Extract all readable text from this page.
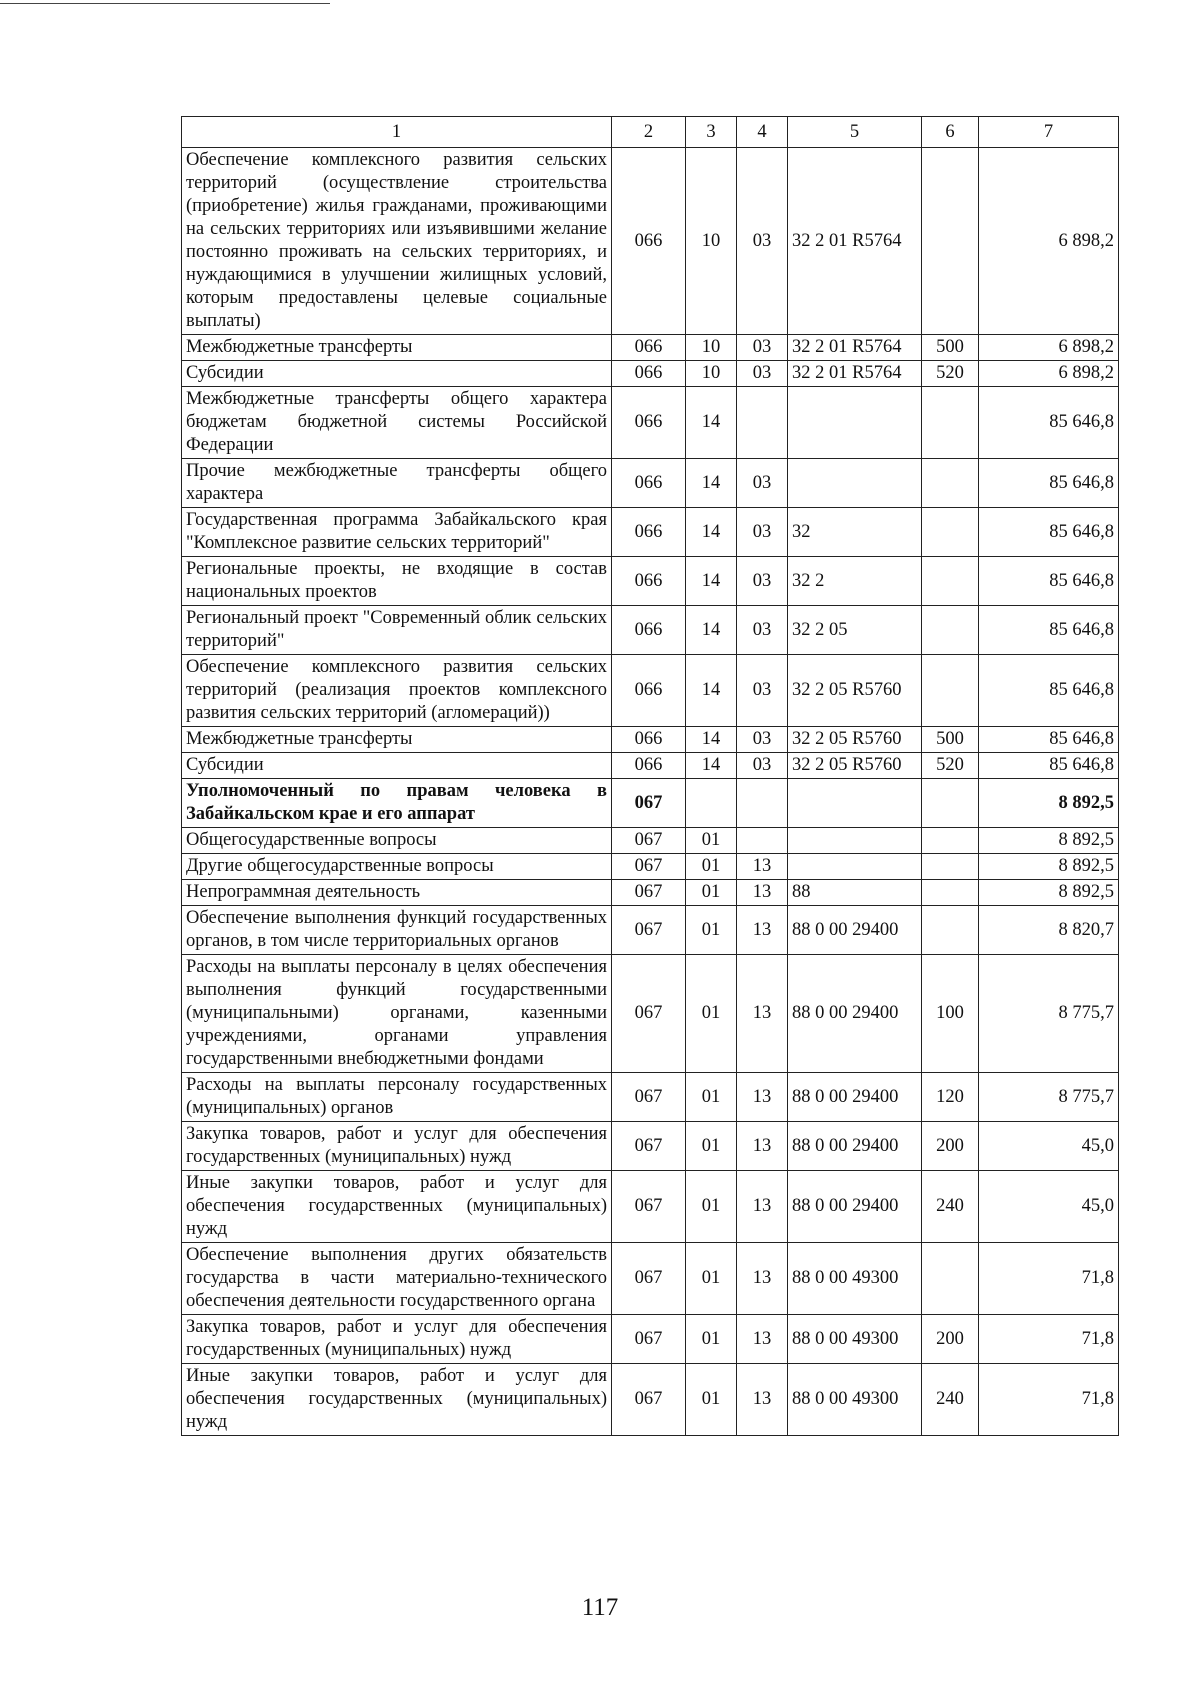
1	2	3	4	5	6	7
Обеспечение комплексного развития сельских территорий (осуществление строительства (приобретение) жилья гражданами, проживающими на сельских территориях или изъявившими желание постоянно проживать на сельских территориях, и нуждающимися в улучшении жилищных условий, которым предоставлены целевые социальные выплаты)	066	10	03	32 2 01 R5764		6 898,2
Межбюджетные трансферты	066	10	03	32 2 01 R5764	500	6 898,2
Субсидии	066	10	03	32 2 01 R5764	520	6 898,2
Межбюджетные трансферты общего характера бюджетам бюджетной системы Российской Федерации	066	14				85 646,8
Прочие межбюджетные трансферты общего характера	066	14	03			85 646,8
Государственная программа Забайкальского края "Комплексное развитие сельских территорий"	066	14	03	32		85 646,8
Региональные проекты, не входящие в состав национальных проектов	066	14	03	32 2		85 646,8
Региональный проект "Современный облик сельских территорий"	066	14	03	32 2 05		85 646,8
Обеспечение комплексного развития сельских территорий (реализация проектов комплексного развития сельских территорий (агломераций))	066	14	03	32 2 05 R5760		85 646,8
Межбюджетные трансферты	066	14	03	32 2 05 R5760	500	85 646,8
Субсидии	066	14	03	32 2 05 R5760	520	85 646,8
Уполномоченный по правам человека в Забайкальском крае и его аппарат	067					8 892,5
Общегосударственные вопросы	067	01				8 892,5
Другие общегосударственные вопросы	067	01	13			8 892,5
Непрограммная деятельность	067	01	13	88		8 892,5
Обеспечение выполнения функций государственных органов, в том числе территориальных органов	067	01	13	88 0 00 29400		8 820,7
Расходы на выплаты персоналу в целях обеспечения выполнения функций государственными (муниципальными) органами, казенными учреждениями, органами управления государственными внебюджетными фондами	067	01	13	88 0 00 29400	100	8 775,7
Расходы на выплаты персоналу государственных (муниципальных) органов	067	01	13	88 0 00 29400	120	8 775,7
Закупка товаров, работ и услуг для обеспечения государственных (муниципальных) нужд	067	01	13	88 0 00 29400	200	45,0
Иные закупки товаров, работ и услуг для обеспечения государственных (муниципальных) нужд	067	01	13	88 0 00 29400	240	45,0
Обеспечение выполнения других обязательств государства в части материально-технического обеспечения деятельности государственного органа	067	01	13	88 0 00 49300		71,8
Закупка товаров, работ и услуг для обеспечения государственных (муниципальных) нужд	067	01	13	88 0 00 49300	200	71,8
Иные закупки товаров, работ и услуг для обеспечения государственных (муниципальных) нужд	067	01	13	88 0 00 49300	240	71,8
117
